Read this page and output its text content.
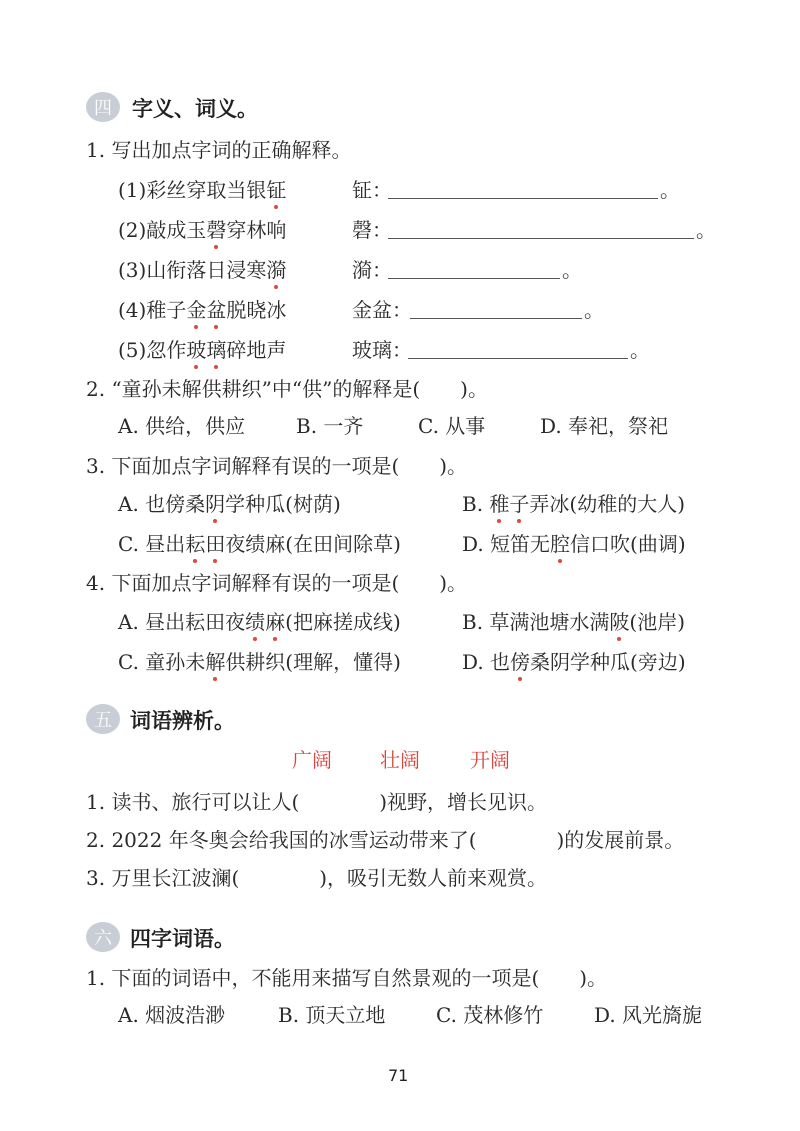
四 字义、词义。
1. 写出加点字词的正确解释。
(1)彩丝穿取当银钲	钲：	。
(2)敲成玉磬穿林响	磬：	。
(3)山衔落日浸寒漪	漪：	。
(4)稚子金盆脱晓冰	金盆：	。
(5)忽作玻璃碎地声	玻璃：	。
2. “童孙未解供耕织”中“供”的解释是(　　)。
A. 供给，供应	B. 一齐	C. 从事	D. 奉祀，祭祀
3. 下面加点字词解释有误的一项是(　　)。
A. 也傍桑阴学种瓜(树荫)	B. 稚子弄冰(幼稚的大人)
C. 昼出耘田夜绩麻(在田间除草)	D. 短笛无腔信口吹(曲调)
4. 下面加点字词解释有误的一项是(　　)。
A. 昼出耘田夜绩麻(把麻搓成线)	B. 草满池塘水满陂(池岸)
C. 童孙未解供耕织(理解，懂得)	D. 也傍桑阴学种瓜(旁边)
五 词语辨析。
广阔 壮阔	开阔
1. 读书、旅行可以让人(　　　　)视野，增长见识。
2. 2022 年冬奥会给我国的冰雪运动带来了(　　　　)的发展前景。
3. 万里长江波澜(　　　　)，吸引无数人前来观赏。
六 四字词语。
1. 下面的词语中，不能用来描写自然景观的一项是(　　)。
A. 烟波浩渺	B. 顶天立地	C. 茂林修竹	D. 风光旖旎
71
